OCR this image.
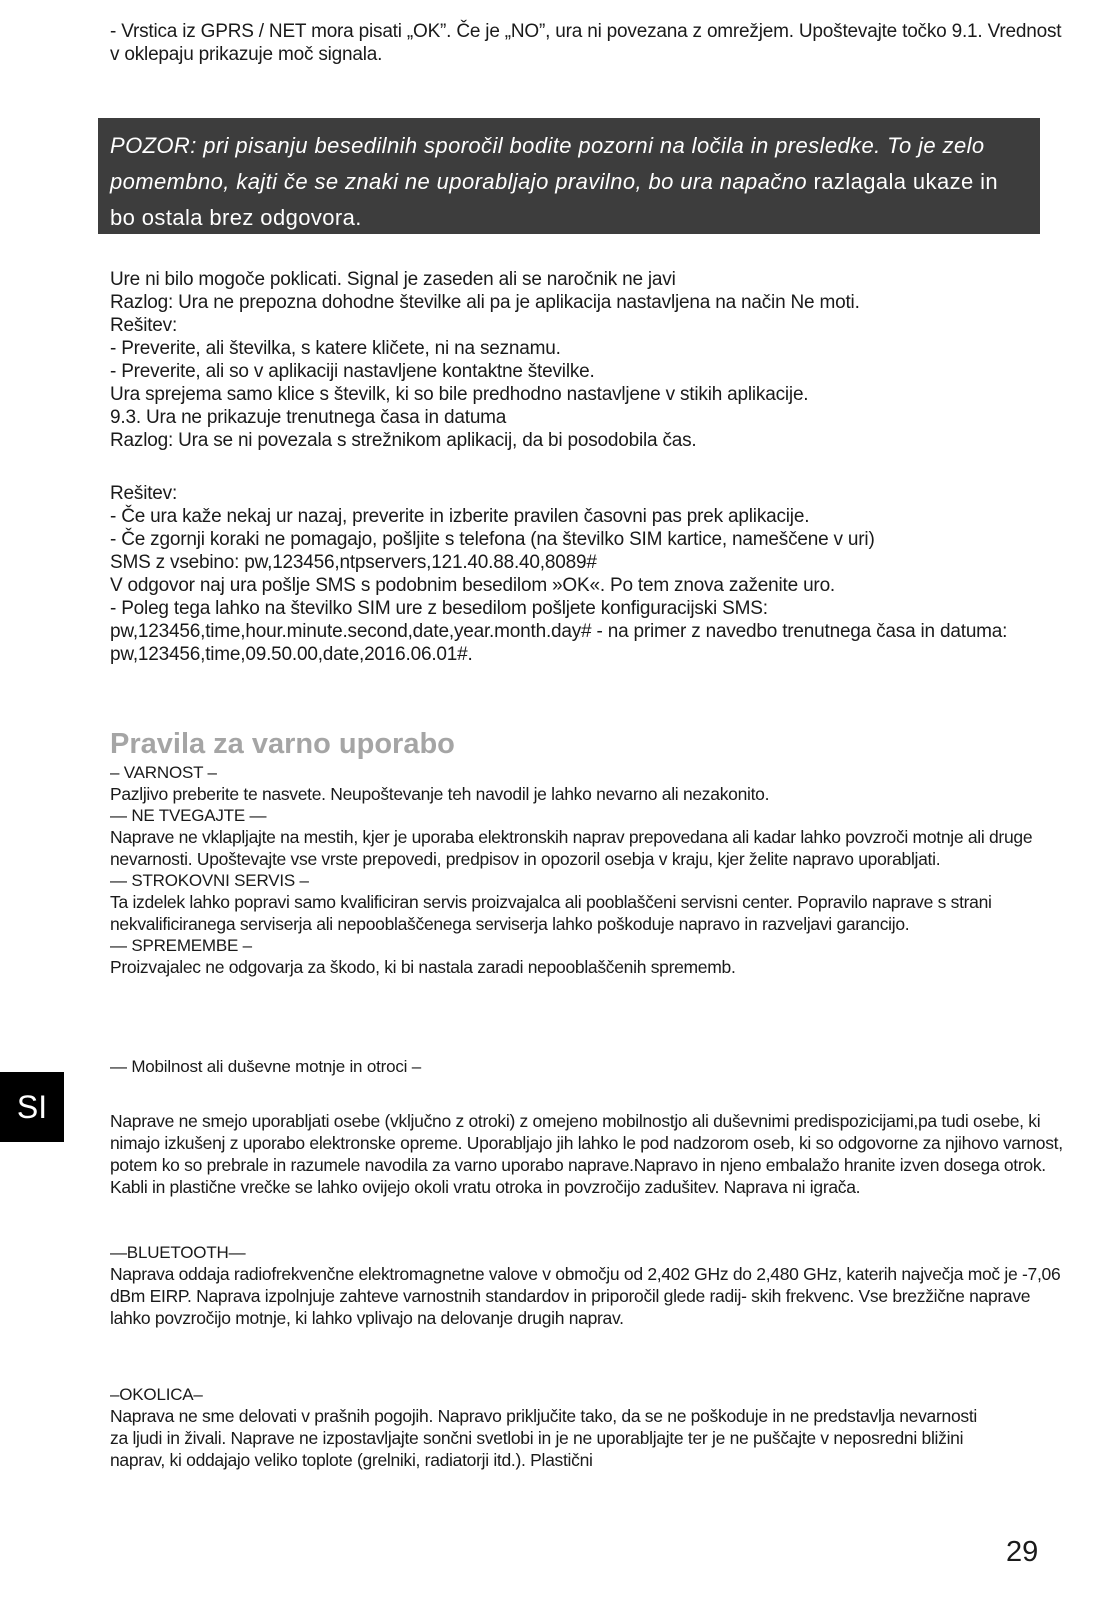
- Vrstica iz GPRS / NET mora pisati „OK”. Če je „NO”, ura ni povezana z omrežjem. Upoštevajte točko 9.1. Vrednost v oklepaju prikazuje moč signala.

POZOR: pri pisanju besedilnih sporočil bodite pozorni na ločila in presledke. To je zelo pomembno, kajti če se znaki ne uporabljajo pravilno, bo ura napačno razlagala ukaze in bo ostala brez odgovora.

Ure ni bilo mogoče poklicati. Signal je zaseden ali se naročnik ne javi

Razlog: Ura ne prepozna dohodne številke ali pa je aplikacija nastavljena na način Ne moti.

Rešitev:

- Preverite, ali številka, s katere kličete, ni na seznamu.

- Preverite, ali so v aplikaciji nastavljene kontaktne številke.

Ura sprejema samo klice s številk, ki so bile predhodno nastavljene v stikih aplikacije.

9.3. Ura ne prikazuje trenutnega časa in datuma

Razlog: Ura se ni povezala s strežnikom aplikacij, da bi posodobila čas.

Rešitev:

- Če ura kaže nekaj ur nazaj, preverite in izberite pravilen časovni pas prek aplikacije.

- Če zgornji koraki ne pomagajo, pošljite s telefona (na številko SIM kartice, nameščene v uri)

SMS z vsebino: pw,123456,ntpservers,121.40.88.40,8089#

V odgovor naj ura pošlje SMS s podobnim besedilom »OK«. Po tem znova zaženite uro.

- Poleg tega lahko na številko SIM ure z besedilom pošljete konfiguracijski SMS: pw,123456,time,hour.minute.second,date,year.month.day# - na primer z navedbo trenutnega časa in datuma: pw,123456,time,09.50.00,date,2016.06.01#.

Pravila za varno uporabo

– VARNOST –

Pazljivo preberite te nasvete. Neupoštevanje teh navodil je lahko nevarno ali nezakonito.

— NE TVEGAJTE —

Naprave ne vklapljajte na mestih, kjer je uporaba elektronskih naprav prepovedana ali kadar lahko povzroči motnje ali druge nevarnosti. Upoštevajte vse vrste prepovedi, predpisov in opozoril osebja v kraju, kjer želite napravo uporabljati.

— STROKOVNI SERVIS –

Ta izdelek lahko popravi samo kvalificiran servis proizvajalca ali pooblaščeni servisni center. Popravilo naprave s strani nekvalificiranega serviserja ali nepooblaščenega serviserja lahko poškoduje napravo in razveljavi garancijo.

— SPREMEMBE –

Proizvajalec ne odgovarja za škodo, ki bi nastala zaradi nepooblaščenih sprememb.

— Mobilnost ali duševne motnje in otroci –

Naprave ne smejo uporabljati osebe (vključno z otroki) z omejeno mobilnostjo ali duševnimi predispozicijami,pa tudi osebe, ki nimajo izkušenj z uporabo elektronske opreme. Uporabljajo jih lahko le pod nadzorom oseb, ki so odgovorne za njihovo varnost, potem ko so prebrale in razumele navodila za varno uporabo naprave.Napravo in njeno embalažo hranite izven dosega otrok. Kabli in plastične vrečke se lahko ovijejo okoli vratu otroka in povzročijo zadušitev. Naprava ni igrača.

—BLUETOOTH—

Naprava oddaja radiofrekvenčne elektromagnetne valove v območju od 2,402 GHz do 2,480 GHz, katerih največja moč je -7,06 dBm EIRP. Naprava izpolnjuje zahteve varnostnih standardov in priporočil glede radij- skih frekvenc. Vse brezžične naprave lahko povzročijo motnje, ki lahko vplivajo na delovanje drugih naprav.

–OKOLICA–

Naprava ne sme delovati v prašnih pogojih. Napravo priključite tako, da se ne poškoduje in ne predstavlja nevarnosti za ljudi in živali. Naprave ne izpostavljajte sončni svetlobi in je ne uporabljajte ter je ne puščajte v neposredni bližini naprav, ki oddajajo veliko toplote (grelniki, radiatorji itd.). Plastični

SI
29
